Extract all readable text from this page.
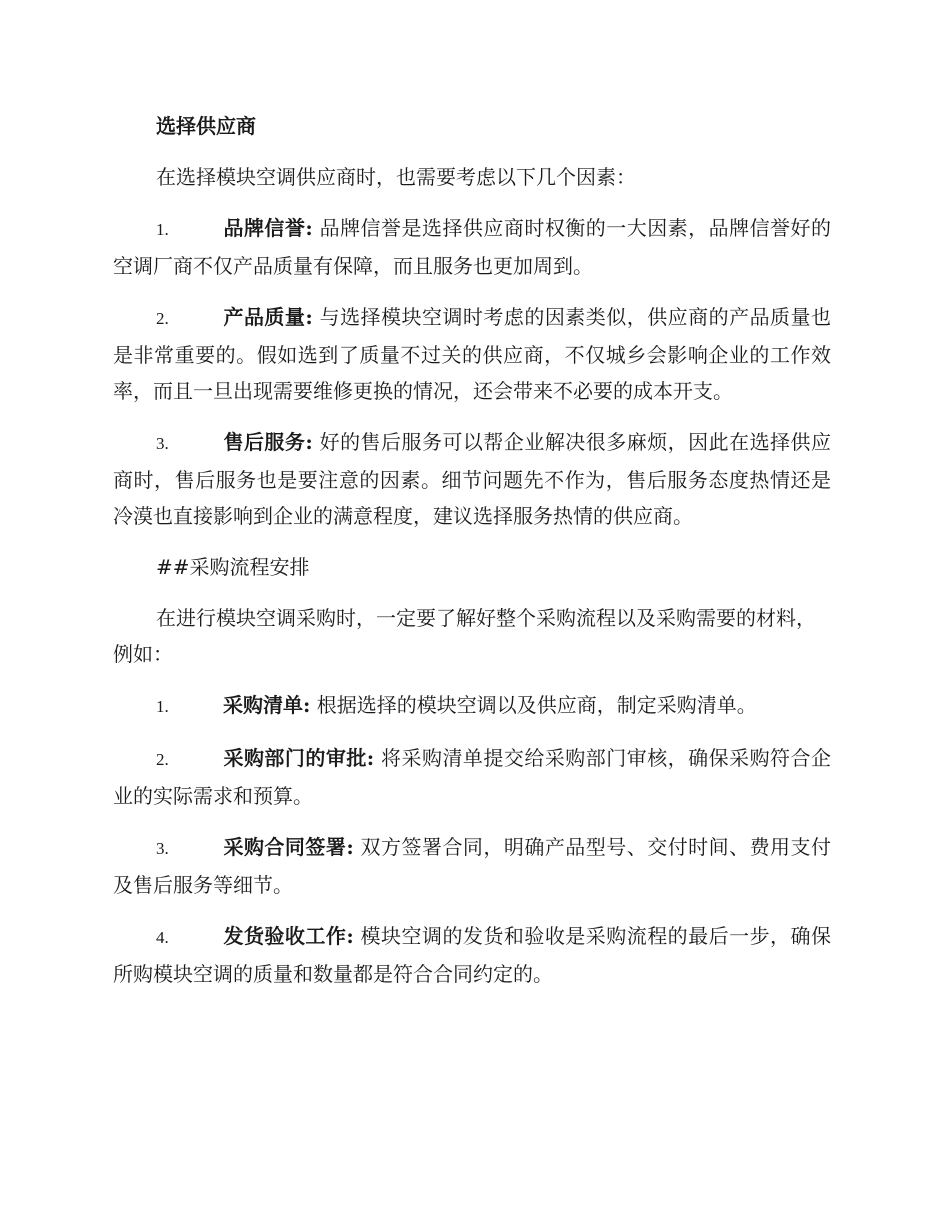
选择供应商
在选择模块空调供应商时，也需要考虑以下几个因素：
1.	品牌信誉: 品牌信誉是选择供应商时权衡的一大因素，品牌信誉好的空调厂商不仅产品质量有保障，而且服务也更加周到。
2.	产品质量: 与选择模块空调时考虑的因素类似，供应商的产品质量也是非常重要的。假如选到了质量不过关的供应商，不仅城乡会影响企业的工作效率，而且一旦出现需要维修更换的情况，还会带来不必要的成本开支。
3.	售后服务: 好的售后服务可以帮企业解决很多麻烦，因此在选择供应商时，售后服务也是要注意的因素。细节问题先不作为，售后服务态度热情还是冷漠也直接影响到企业的满意程度，建议选择服务热情的供应商。
##采购流程安排
在进行模块空调采购时，一定要了解好整个采购流程以及采购需要的材料，例如：
1.	采购清单: 根据选择的模块空调以及供应商，制定采购清单。
2.	采购部门的审批: 将采购清单提交给采购部门审核，确保采购符合企业的实际需求和预算。
3.	采购合同签署: 双方签署合同，明确产品型号、交付时间、费用支付及售后服务等细节。
4.	发货验收工作: 模块空调的发货和验收是采购流程的最后一步，确保所购模块空调的质量和数量都是符合合同约定的。
